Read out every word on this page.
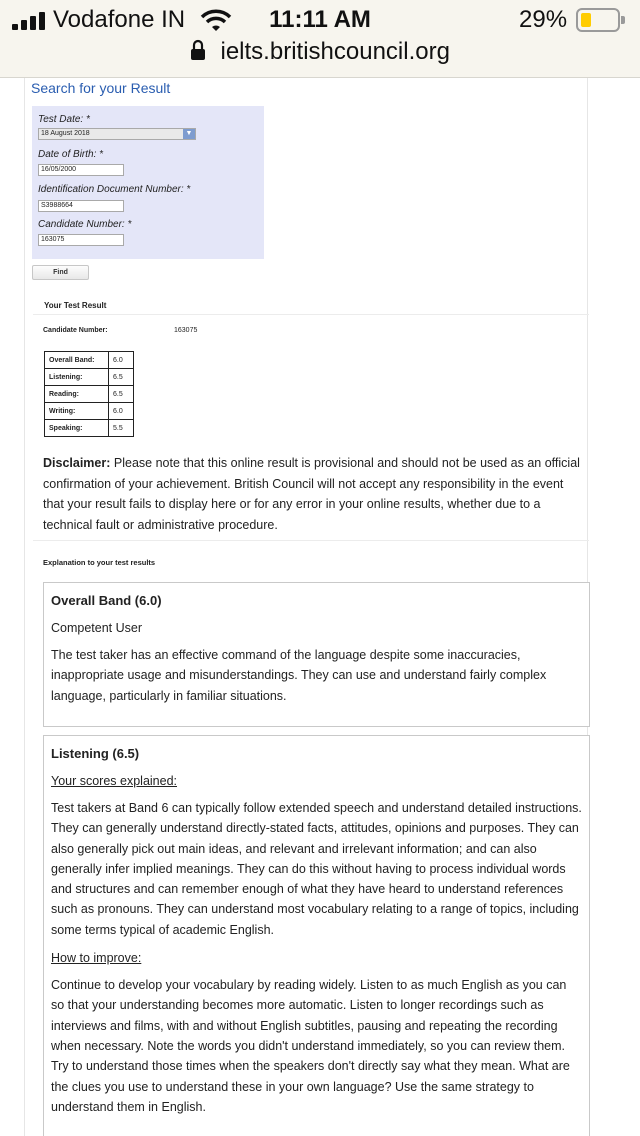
Vodafone IN	11:11 AM	29%
ielts.britishcouncil.org
Search for your Result
Test Date: *
18 August 2018	▼
Date of Birth: *
16/05/2000
Identification Document Number: *
S3988664
Candidate Number: *
163075
Find
Your Test Result
Candidate Number:	163075
Overall Band:	6.0
Listening:	6.5
Reading:	6.5
Writing:	6.0
Speaking:	5.5
Disclaimer: Please note that this online result is provisional and should not be used as an official confirmation of your achievement. British Council will not accept any responsibility in the event that your result fails to display here or for any error in your online results, whether due to a technical fault or administrative procedure.
Explanation to your test results
Overall Band (6.0)
Competent User

The test taker has an effective command of the language despite some inaccuracies, inappropriate usage and misunderstandings. They can use and understand fairly complex language, particularly in familiar situations.

Listening (6.5)
Your scores explained:

Test takers at Band 6 can typically follow extended speech and understand detailed instructions. They can generally understand directly-stated facts, attitudes, opinions and purposes. They can also generally pick out main ideas, and relevant and irrelevant information; and can also generally infer implied meanings. They can do this without having to process individual words and structures and can remember enough of what they have heard to understand references such as pronouns. They can understand most vocabulary relating to a range of topics, including some terms typical of academic English.

How to improve:

Continue to develop your vocabulary by reading widely. Listen to as much English as you can so that your understanding becomes more automatic. Listen to longer recordings such as interviews and films, with and without English subtitles, pausing and repeating the recording when necessary. Note the words you didn't understand immediately, so you can review them. Try to understand those times when the speakers don't directly say what they mean. What are the clues you use to understand these in your own language? Use the same strategy to understand them in English.
